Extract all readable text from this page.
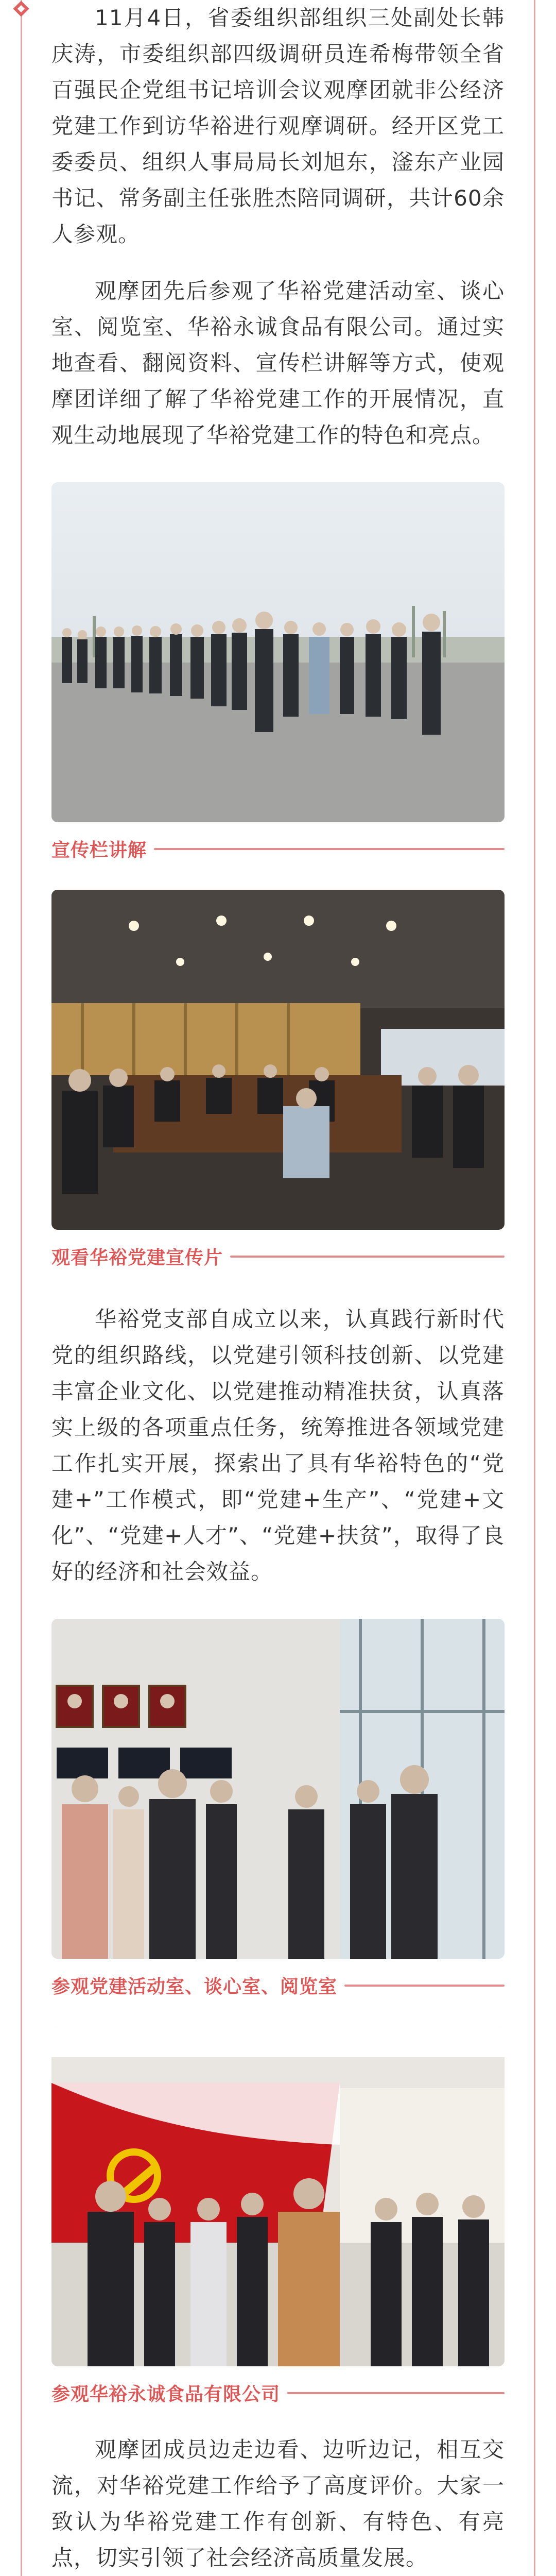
11月4日，省委组织部组织三处副处长韩庆涛，市委组织部四级调研员连希梅带领全省百强民企党组书记培训会议观摩团就非公经济党建工作到访华裕进行观摩调研。经开区党工委委员、组织人事局局长刘旭东，滏东产业园书记、常务副主任张胜杰陪同调研，共计60余人参观。

观摩团先后参观了华裕党建活动室、谈心室、阅览室、华裕永诚食品有限公司。通过实地查看、翻阅资料、宣传栏讲解等方式，使观摩团详细了解了华裕党建工作的开展情况，直观生动地展现了华裕党建工作的特色和亮点。

宣传栏讲解
观看华裕党建宣传片

华裕党支部自成立以来，认真践行新时代党的组织路线，以党建引领科技创新、以党建丰富企业文化、以党建推动精准扶贫，认真落实上级的各项重点任务，统筹推进各领域党建工作扎实开展，探索出了具有华裕特色的“党建+”工作模式，即“党建+生产”、“党建+文化”、“党建+人才”、“党建+扶贫”，取得了良好的经济和社会效益。

参观党建活动室、谈心室、阅览室
参观华裕永诚食品有限公司

观摩团成员边走边看、边听边记，相互交流，对华裕党建工作给予了高度评价。大家一致认为华裕党建工作有创新、有特色、有亮点，切实引领了社会经济高质量发展。
